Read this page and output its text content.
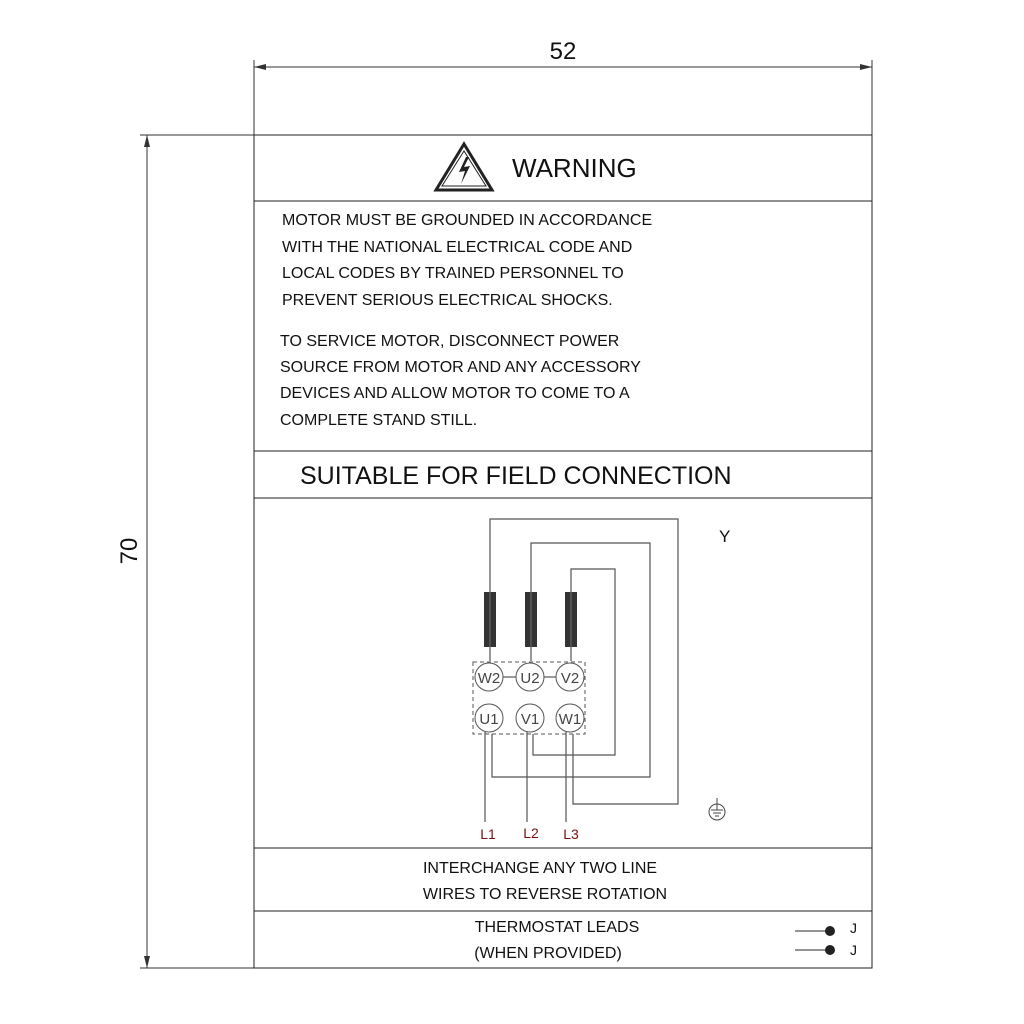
52
70
WARNING
MOTOR MUST BE GROUNDED IN ACCORDANCE
WITH THE NATIONAL ELECTRICAL CODE AND
LOCAL CODES BY TRAINED PERSONNEL TO
PREVENT SERIOUS ELECTRICAL SHOCKS.
TO SERVICE MOTOR, DISCONNECT POWER
SOURCE FROM MOTOR AND ANY ACCESSORY
DEVICES AND ALLOW MOTOR TO COME TO A
COMPLETE STAND STILL.
SUITABLE FOR FIELD CONNECTION
Y
W2 U2 V2
U1 V1 W1
L1 L2 L3
INTERCHANGE ANY TWO LINE
WIRES TO REVERSE ROTATION
THERMOSTAT LEADS
(WHEN PROVIDED)
J
J
